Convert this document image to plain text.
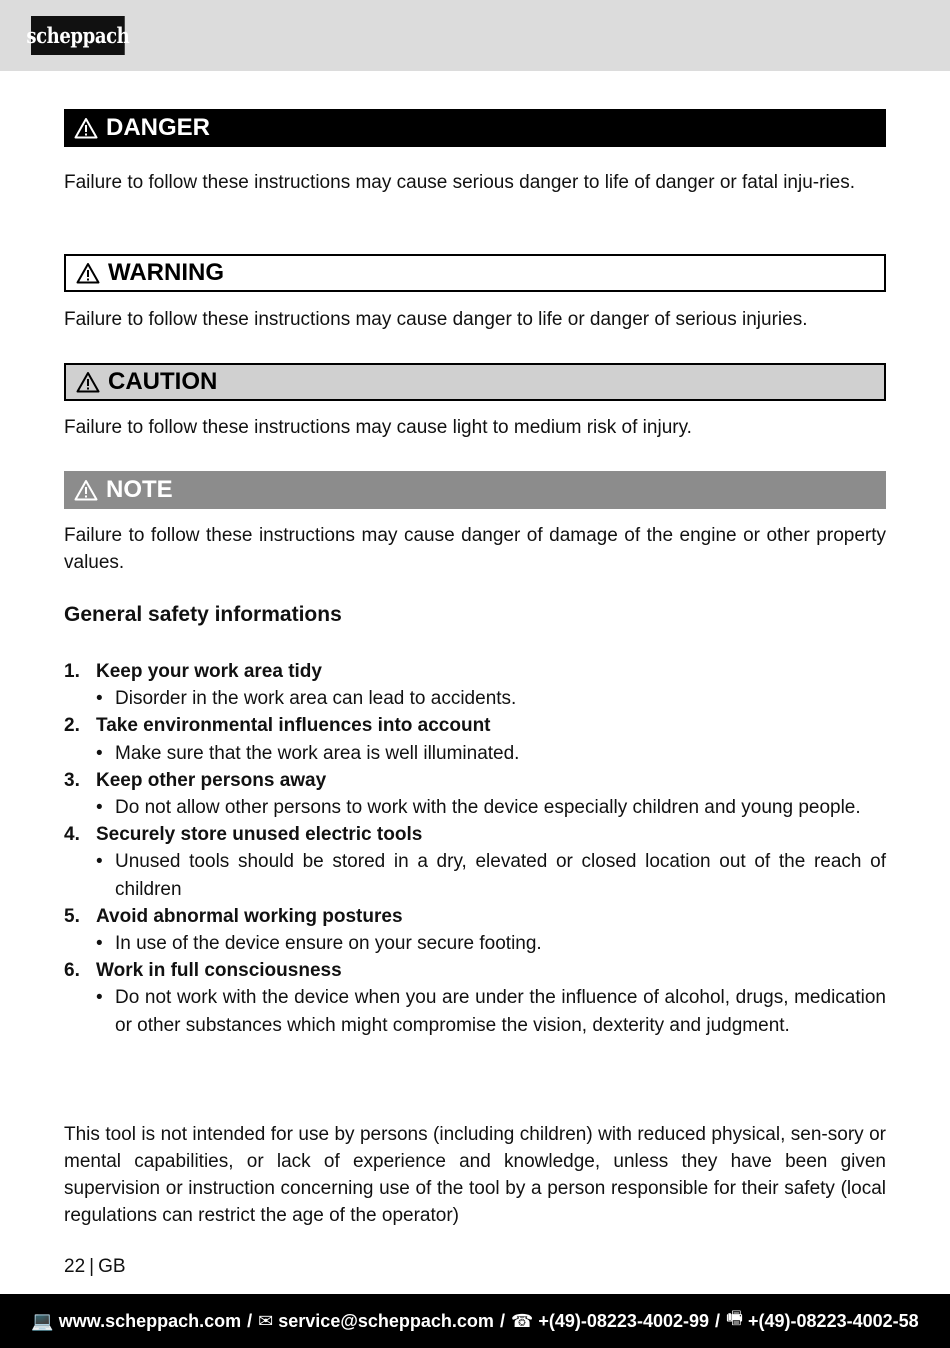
scheppach
DANGER
Failure to follow these instructions may cause serious danger to life of danger or fatal inju-ries.
WARNING
Failure to follow these instructions may cause danger to life or danger of serious injuries.
CAUTION
Failure to follow these instructions may cause light to medium risk of injury.
NOTE
Failure to follow these instructions may cause danger of damage of the engine or other property values.
General safety informations
1. Keep your work area tidy
• Disorder in the work area can lead to accidents.
2. Take environmental influences into account
• Make sure that the work area is well illuminated.
3. Keep other persons away
• Do not allow other persons to work with the device especially children and young people.
4. Securely store unused electric tools
• Unused tools should be stored in a dry, elevated or closed location out of the reach of children
5. Avoid abnormal working postures
• In use of the device ensure on your secure footing.
6. Work in full consciousness
• Do not work with the device when you are under the influence of alcohol, drugs, medication or other substances which might compromise the vision, dexterity and judgment.
This tool is not intended for use by persons (including children) with reduced physical, sen-sory or mental capabilities, or lack of experience and knowledge, unless they have been given supervision or instruction concerning use of the tool by a person responsible for their safety (local regulations can restrict the age of the operator)
22 | GB
💻 www.scheppach.com / ✉ service@scheppach.com / ☎ +(49)-08223-4002-99 / 🖷 +(49)-08223-4002-58
